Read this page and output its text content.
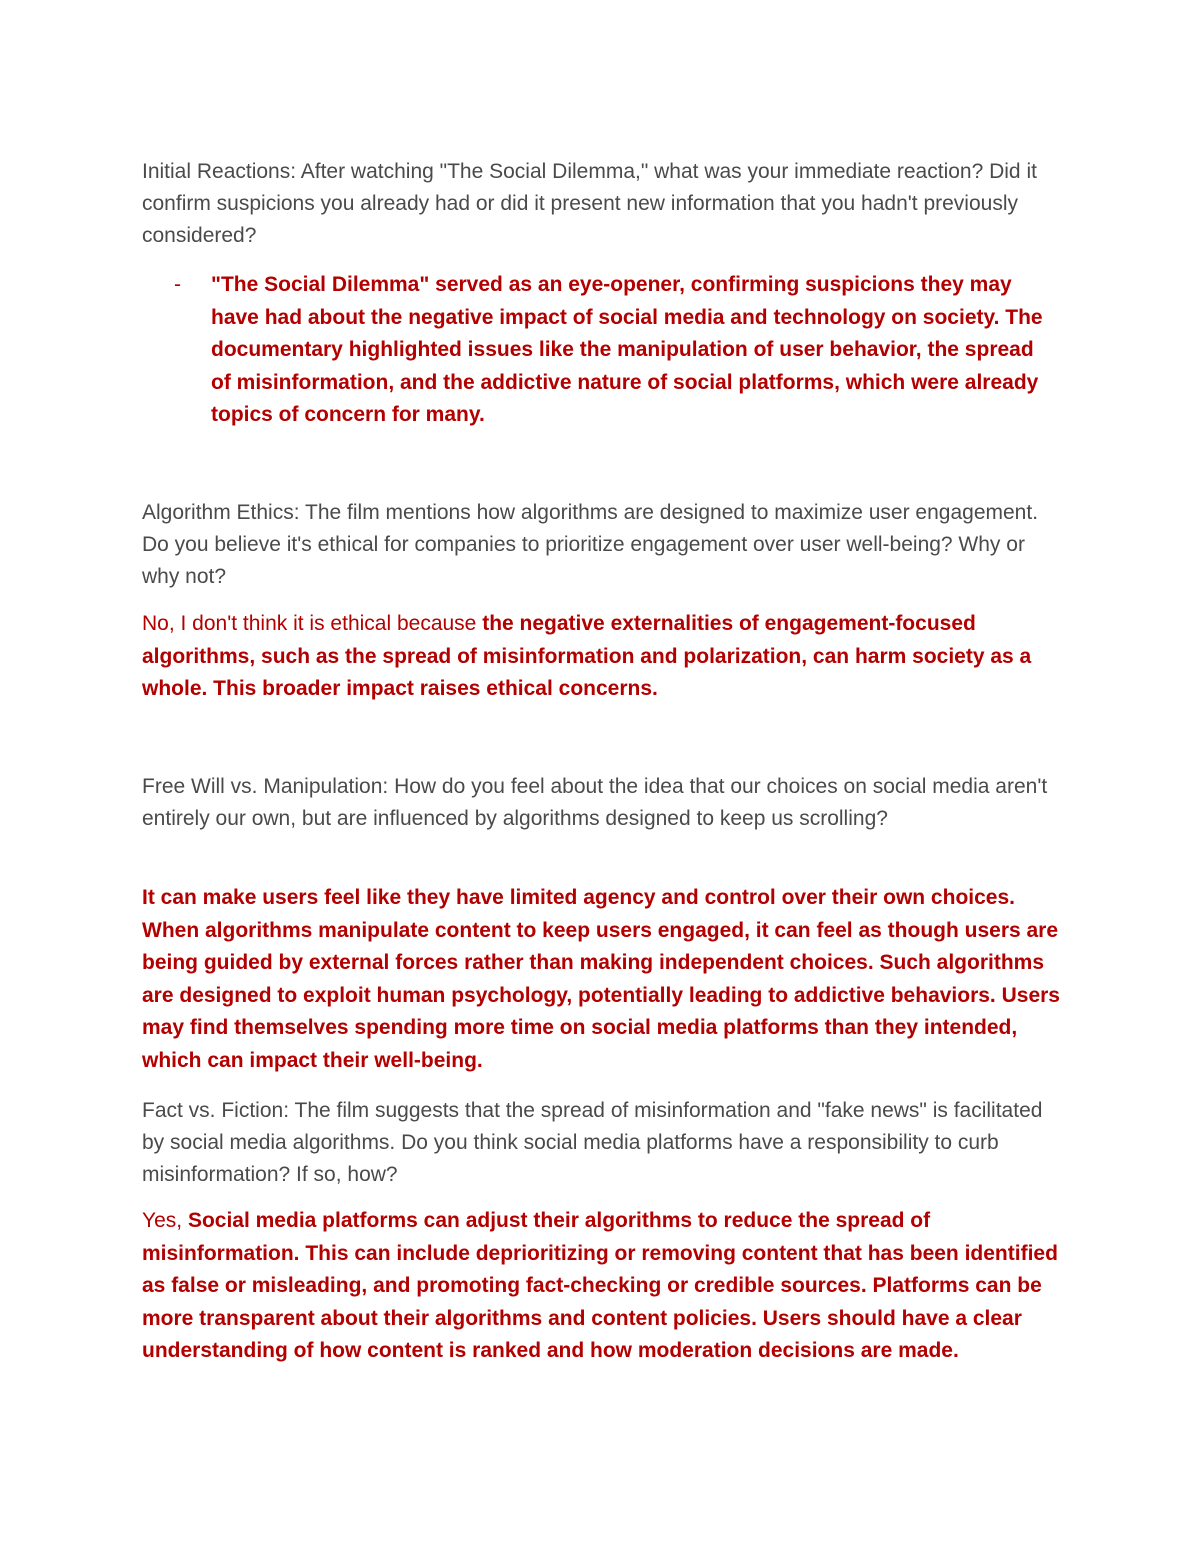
Initial Reactions: After watching "The Social Dilemma," what was your immediate reaction? Did it confirm suspicions you already had or did it present new information that you hadn't previously considered?

- "The Social Dilemma" served as an eye-opener, confirming suspicions they may have had about the negative impact of social media and technology on society. The documentary highlighted issues like the manipulation of user behavior, the spread of misinformation, and the addictive nature of social platforms, which were already topics of concern for many.

Algorithm Ethics: The film mentions how algorithms are designed to maximize user engagement. Do you believe it's ethical for companies to prioritize engagement over user well-being? Why or why not?

No, I don't think it is ethical because the negative externalities of engagement-focused algorithms, such as the spread of misinformation and polarization, can harm society as a whole. This broader impact raises ethical concerns.

Free Will vs. Manipulation: How do you feel about the idea that our choices on social media aren't entirely our own, but are influenced by algorithms designed to keep us scrolling?

It can make users feel like they have limited agency and control over their own choices. When algorithms manipulate content to keep users engaged, it can feel as though users are being guided by external forces rather than making independent choices. Such algorithms are designed to exploit human psychology, potentially leading to addictive behaviors. Users may find themselves spending more time on social media platforms than they intended, which can impact their well-being.

Fact vs. Fiction: The film suggests that the spread of misinformation and "fake news" is facilitated by social media algorithms. Do you think social media platforms have a responsibility to curb misinformation? If so, how?

Yes, Social media platforms can adjust their algorithms to reduce the spread of misinformation. This can include deprioritizing or removing content that has been identified as false or misleading, and promoting fact-checking or credible sources. Platforms can be more transparent about their algorithms and content policies. Users should have a clear understanding of how content is ranked and how moderation decisions are made.
